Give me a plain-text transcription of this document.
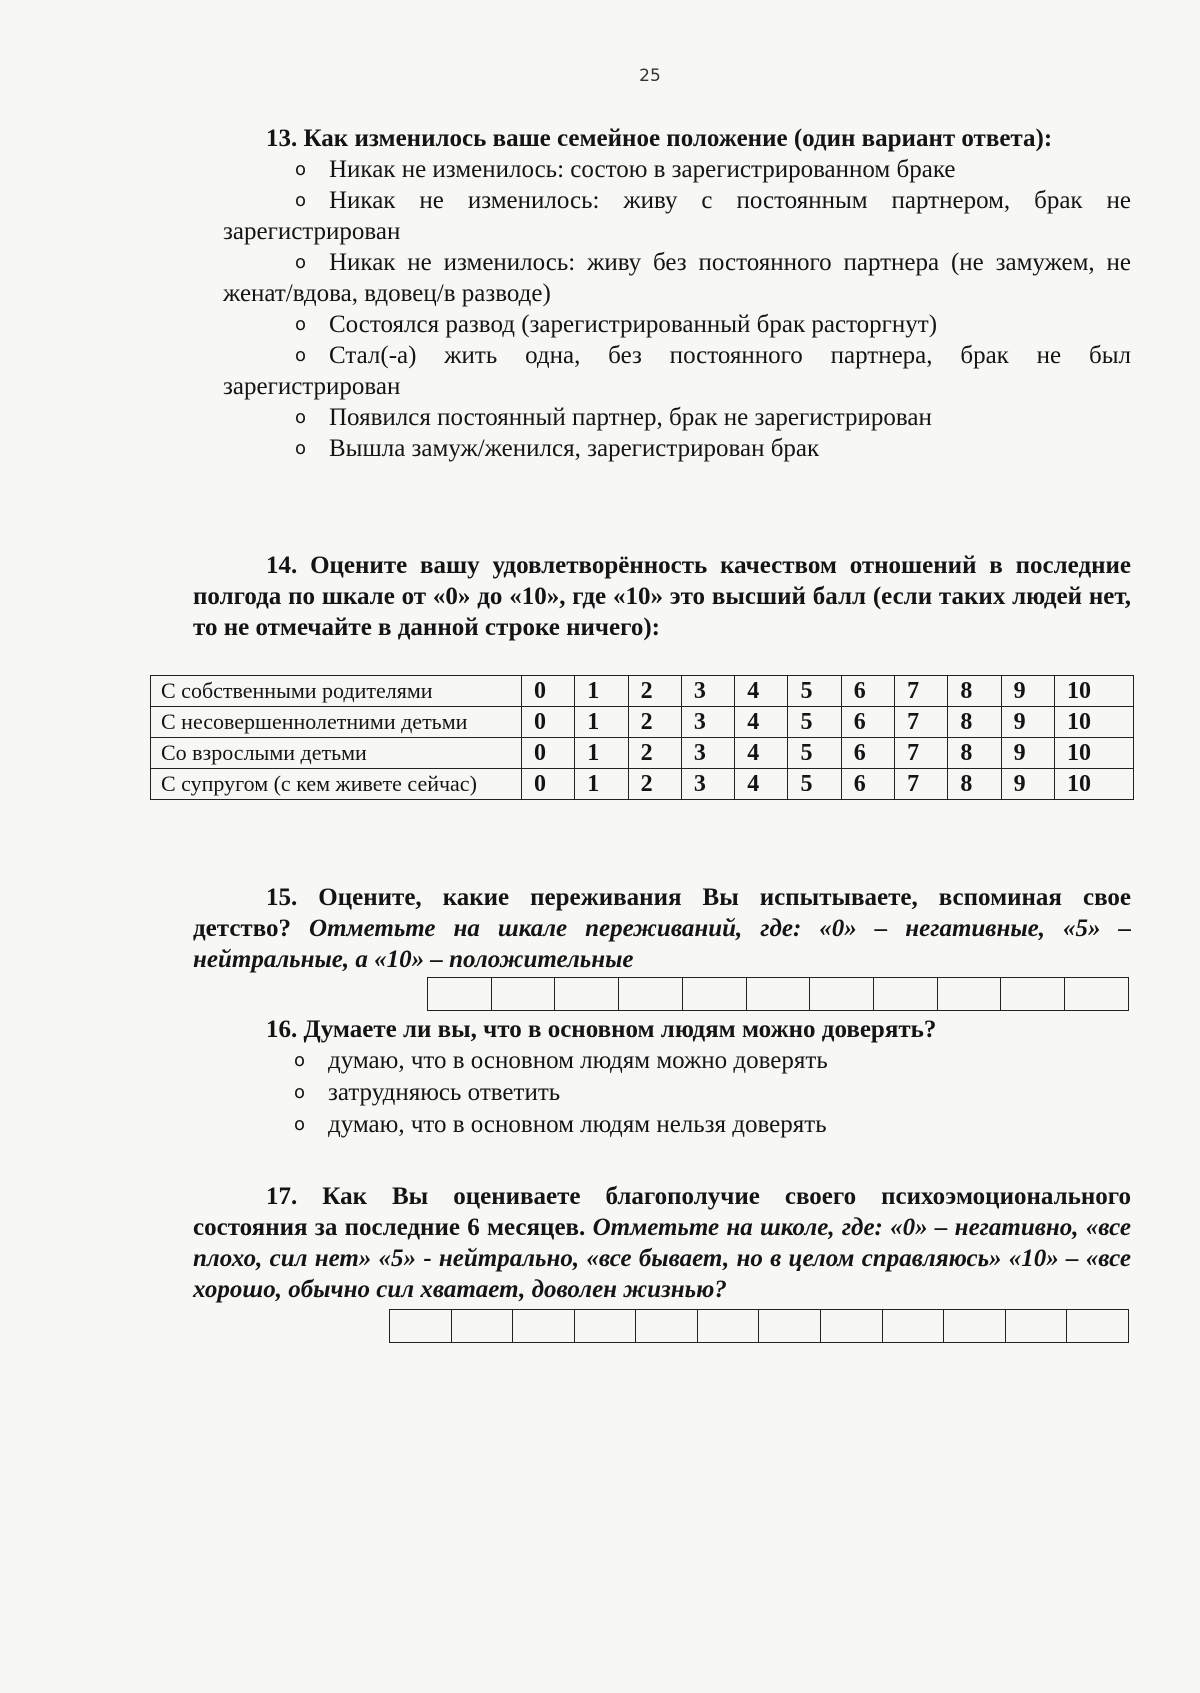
25

13. Как изменилось ваше семейное положение (один вариант ответа):

o Никак не изменилось: состою в зарегистрированном браке

o Никак не изменилось: живу с постоянным партнером, брак не зарегистрирован

o Никак не изменилось: живу без постоянного партнера (не замужем, не женат/вдова, вдовец/в разводе)

o Состоялся развод (зарегистрированный брак расторгнут)

o Стал(-а) жить одна, без постоянного партнера, брак не был зарегистрирован

o Появился постоянный партнер, брак не зарегистрирован

o Вышла замуж/женился, зарегистрирован брак

14. Оцените вашу удовлетворённость качеством отношений в последние полгода по шкале от «0» до «10», где «10» это высший балл (если таких людей нет, то не отмечайте в данной строке ничего):

С собственными родителями	0	1	2	3	4	5	6	7	8	9	10
С несовершеннолетними детьми	0	1	2	3	4	5	6	7	8	9	10
Со взрослыми детьми	0	1	2	3	4	5	6	7	8	9	10
С супругом (с кем живете сейчас)	0	1	2	3	4	5	6	7	8	9	10

15. Оцените, какие переживания Вы испытываете, вспоминая свое детство? Отметьте на шкале переживаний, где: «0» – негативные, «5» – нейтральные, а «10» – положительные

16. Думаете ли вы, что в основном людям можно доверять?

o думаю, что в основном людям можно доверять

o затрудняюсь ответить

o думаю, что в основном людям нельзя доверять

17. Как Вы оцениваете благополучие своего психоэмоционального состояния за последние 6 месяцев. Отметьте на школе, где: «0» – негативно, «все плохо, сил нет» «5» - нейтрально, «все бывает, но в целом справляюсь» «10» – «все хорошо, обычно сил хватает, доволен жизнью?
